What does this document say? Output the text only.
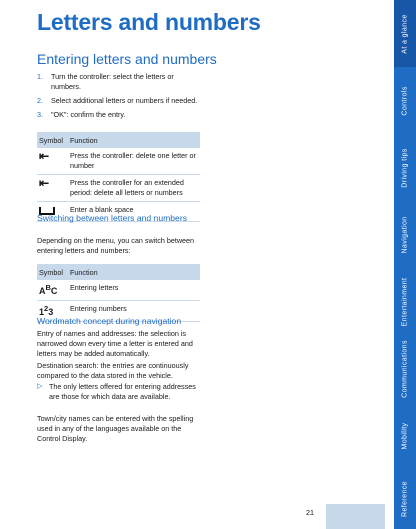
Letters and numbers
Entering letters and numbers
1.	Turn the controller: select the letters or numbers.
2.	Select additional letters or numbers if needed.
3.	"OK": confirm the entry.
Symbol	Function
⇤	Press the controller: delete one letter or number
⇤	Press the controller for an extended period: delete all letters or numbers
	Enter a blank space
Switching between letters and numbers
Depending on the menu, you can switch between entering letters and numbers:
Symbol	Function
$A^BC$	Entering letters
$1^23$	Entering numbers
Wordmatch concept during navigation
Entry of names and addresses: the selection is narrowed down every time a letter is entered and letters may be added automatically.
Destination search: the entries are continuously compared to the data stored in the vehicle.
▷ The only letters offered for entering addresses are those for which data are available.
Town/city names can be entered with the spelling used in any of the languages available on the Control Display.
21
At a glance
Controls
Driving tips
Navigation
Entertainment
Communications
Mobility
Reference
